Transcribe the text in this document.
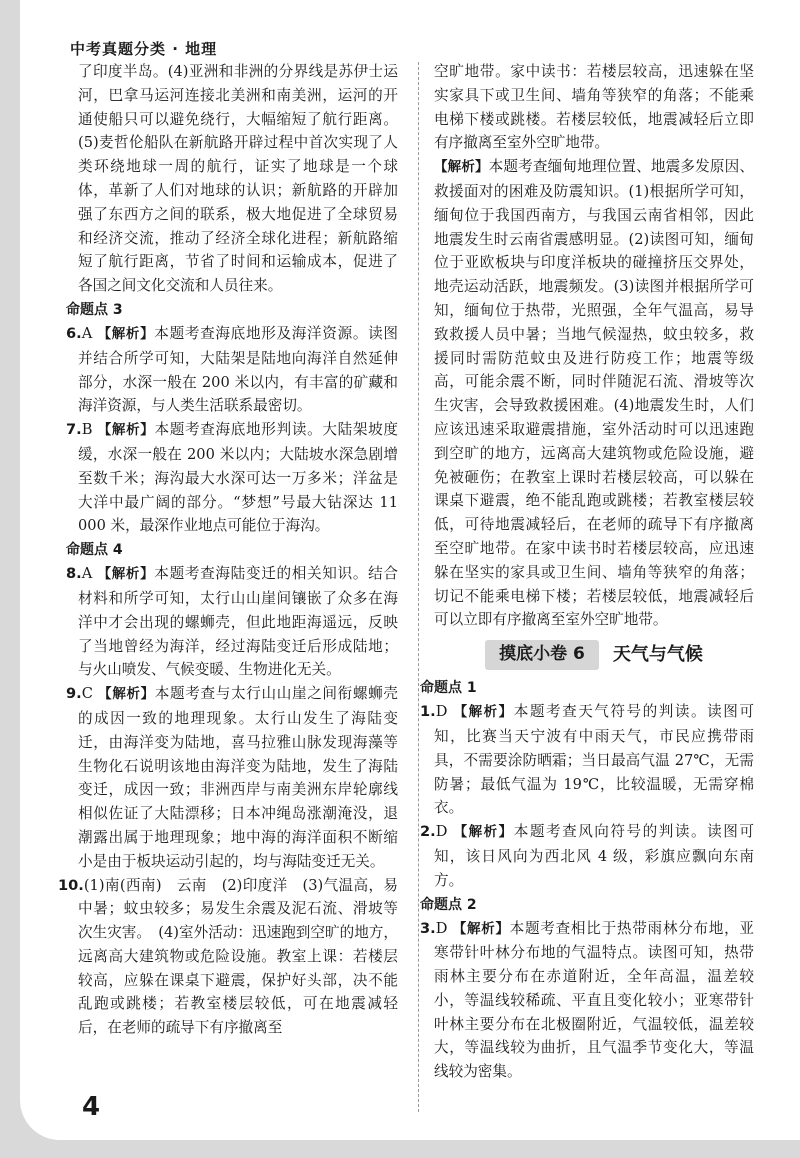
中考真题分类 · 地理

了印度半岛。(4)亚洲和非洲的分界线是苏伊士运河，巴拿马运河连接北美洲和南美洲，运河的开通使船只可以避免绕行，大幅缩短了航行距离。(5)麦哲伦船队在新航路开辟过程中首次实现了人类环绕地球一周的航行，证实了地球是一个球体，革新了人们对地球的认识；新航路的开辟加强了东西方之间的联系，极大地促进了全球贸易和经济交流，推动了经济全球化进程；新航路缩短了航行距离，节省了时间和运输成本，促进了各国之间文化交流和人员往来。

命题点 3

6.A 【解析】本题考查海底地形及海洋资源。读图并结合所学可知，大陆架是陆地向海洋自然延伸部分，水深一般在 200 米以内，有丰富的矿藏和海洋资源，与人类生活联系最密切。

7.B 【解析】本题考查海底地形判读。大陆架坡度缓，水深一般在 200 米以内；大陆坡水深急剧增至数千米；海沟最大水深可达一万多米；洋盆是大洋中最广阔的部分。“梦想”号最大钻深达 11 000 米，最深作业地点可能位于海沟。

命题点 4

8.A 【解析】本题考查海陆变迁的相关知识。结合材料和所学可知，太行山山崖间镶嵌了众多在海洋中才会出现的螺蛳壳，但此地距海遥远，反映了当地曾经为海洋，经过海陆变迁后形成陆地；与火山喷发、气候变暖、生物进化无关。

9.C 【解析】本题考查与太行山山崖之间衔螺蛳壳的成因一致的地理现象。太行山发生了海陆变迁，由海洋变为陆地，喜马拉雅山脉发现海藻等生物化石说明该地由海洋变为陆地，发生了海陆变迁，成因一致；非洲西岸与南美洲东岸轮廓线相似佐证了大陆漂移；日本冲绳岛涨潮淹没，退潮露出属于地理现象；地中海的海洋面积不断缩小是由于板块运动引起的，均与海陆变迁无关。

10.(1)南(西南)　云南　(2)印度洋　(3)气温高，易中暑；蚊虫较多；易发生余震及泥石流、滑坡等次生灾害。　(4)室外活动：迅速跑到空旷的地方，远离高大建筑物或危险设施。教室上课：若楼层较高，应躲在课桌下避震，保护好头部，决不能乱跑或跳楼；若教室楼层较低，可在地震减轻后，在老师的疏导下有序撤离至

空旷地带。家中读书：若楼层较高，迅速躲在坚实家具下或卫生间、墙角等狭窄的角落；不能乘电梯下楼或跳楼。若楼层较低，地震减轻后立即有序撤离至室外空旷地带。

【解析】本题考查缅甸地理位置、地震多发原因、救援面对的困难及防震知识。(1)根据所学可知，缅甸位于我国西南方，与我国云南省相邻，因此地震发生时云南省震感明显。(2)读图可知，缅甸位于亚欧板块与印度洋板块的碰撞挤压交界处，地壳运动活跃，地震频发。(3)读图并根据所学可知，缅甸位于热带，光照强，全年气温高，易导致救援人员中暑；当地气候湿热，蚊虫较多，救援同时需防范蚊虫及进行防疫工作；地震等级高，可能余震不断，同时伴随泥石流、滑坡等次生灾害，会导致救援困难。(4)地震发生时，人们应该迅速采取避震措施，室外活动时可以迅速跑到空旷的地方，远离高大建筑物或危险设施，避免被砸伤；在教室上课时若楼层较高，可以躲在课桌下避震，绝不能乱跑或跳楼；若教室楼层较低，可待地震减轻后，在老师的疏导下有序撤离至空旷地带。在家中读书时若楼层较高，应迅速躲在坚实的家具或卫生间、墙角等狭窄的角落；切记不能乘电梯下楼；若楼层较低，地震减轻后可以立即有序撤离至室外空旷地带。

摸底小卷 6	天气与气候
命题点 1

1.D 【解析】本题考查天气符号的判读。读图可知，比赛当天宁波有中雨天气，市民应携带雨具，不需要涂防晒霜；当日最高气温 27℃，无需防暑；最低气温为 19℃，比较温暖，无需穿棉衣。

2.D 【解析】本题考查风向符号的判读。读图可知，该日风向为西北风 4 级，彩旗应飘向东南方。

命题点 2

3.D 【解析】本题考查相比于热带雨林分布地，亚寒带针叶林分布地的气温特点。读图可知，热带雨林主要分布在赤道附近，全年高温，温差较小，等温线较稀疏、平直且变化较小；亚寒带针叶林主要分布在北极圈附近，气温较低，温差较大，等温线较为曲折，且气温季节变化大，等温线较为密集。

4
